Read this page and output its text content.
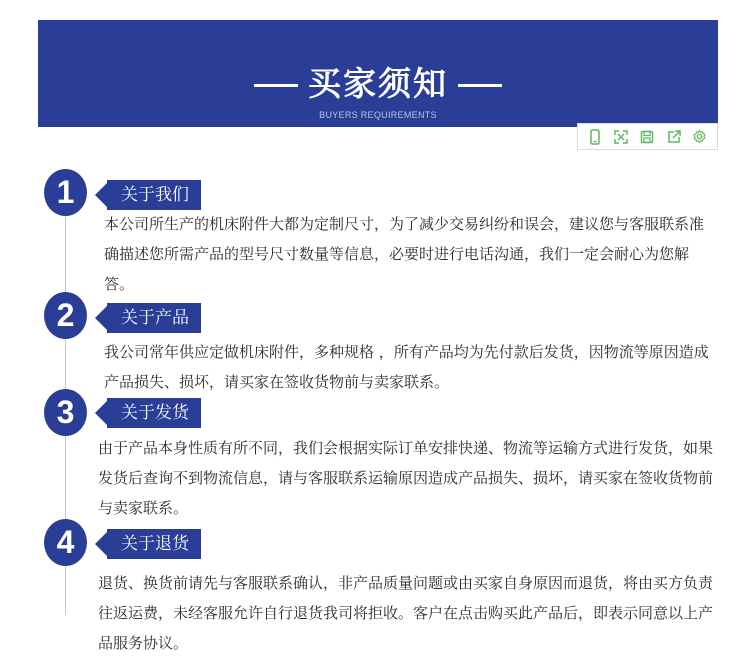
买家须知
BUYERS REQUIREMENTS
1	关于我们
本公司所生产的机床附件大都为定制尺寸，为了减少交易纠纷和误会，建议您与客服联系准确描述您所需产品的型号尺寸数量等信息，必要时进行电话沟通，我们一定会耐心为您解答。
2	关于产品
我公司常年供应定做机床附件，多种规格 ，所有产品均为先付款后发货，因物流等原因造成产品损失、损坏，请买家在签收货物前与卖家联系。
3	关于发货
由于产品本身性质有所不同，我们会根据实际订单安排快递、物流等运输方式进行发货，如果发货后查询不到物流信息，请与客服联系运输原因造成产品损失、损坏，请买家在签收货物前与卖家联系。
4	关于退货
退货、换货前请先与客服联系确认，非产品质量问题或由买家自身原因而退货，将由买方负责往返运费，未经客服允许自行退货我司将拒收。客户在点击购买此产品后，即表示同意以上产品服务协议。
